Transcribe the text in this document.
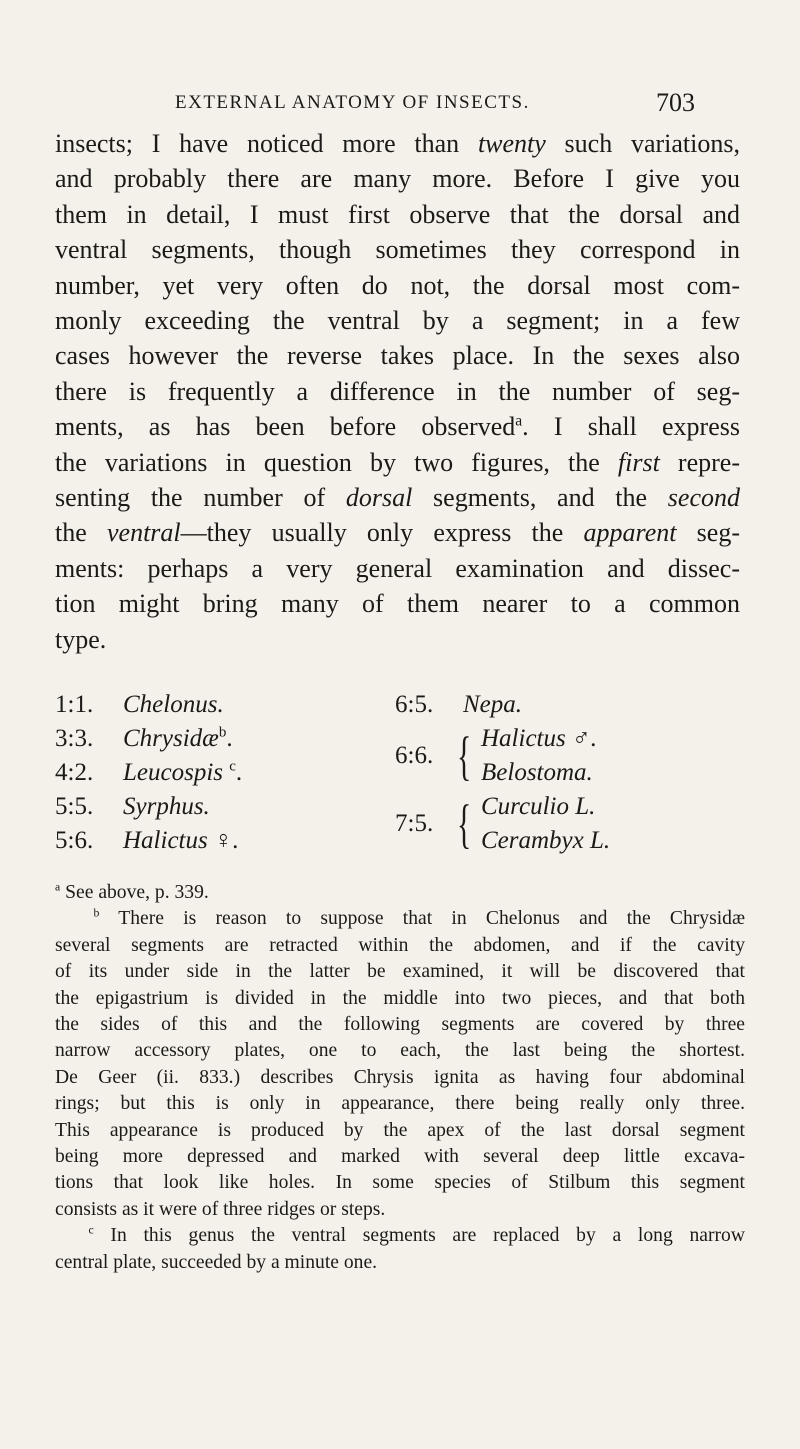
EXTERNAL ANATOMY OF INSECTS.	703
insects; I have noticed more than twenty such variations,
and probably there are many more. Before I give you
them in detail, I must first observe that the dorsal and
ventral segments, though sometimes they correspond in
number, yet very often do not, the dorsal most com-
monly exceeding the ventral by a segment; in a few
cases however the reverse takes place. In the sexes also
there is frequently a difference in the number of seg-
ments, as has been before observed$^a$. I shall express
the variations in question by two figures, the first repre-
senting the number of dorsal segments, and the second
the ventral—they usually only express the apparent seg-
ments: perhaps a very general examination and dissec-
tion might bring many of them nearer to a common
type.
1:1. Chelonus.
3:3. Chrysidæ$^b$.
4:2. Leucospis $^c$.
5:5. Syrphus.
5:6. Halictus ♀.
6:5. Nepa.
6:6. { Halictus ♂.
Belostoma.
7:5. { Curculio L.
Cerambyx L.
$^a$ See above, p. 339.
$^b$ There is reason to suppose that in Chelonus and the Chrysidæ
several segments are retracted within the abdomen, and if the cavity
of its under side in the latter be examined, it will be discovered that
the epigastrium is divided in the middle into two pieces, and that both
the sides of this and the following segments are covered by three
narrow accessory plates, one to each, the last being the shortest.
De Geer (ii. 833.) describes Chrysis ignita as having four abdominal
rings; but this is only in appearance, there being really only three.
This appearance is produced by the apex of the last dorsal segment
being more depressed and marked with several deep little excava-
tions that look like holes. In some species of Stilbum this segment
consists as it were of three ridges or steps.
$^c$ In this genus the ventral segments are replaced by a long narrow
central plate, succeeded by a minute one.
